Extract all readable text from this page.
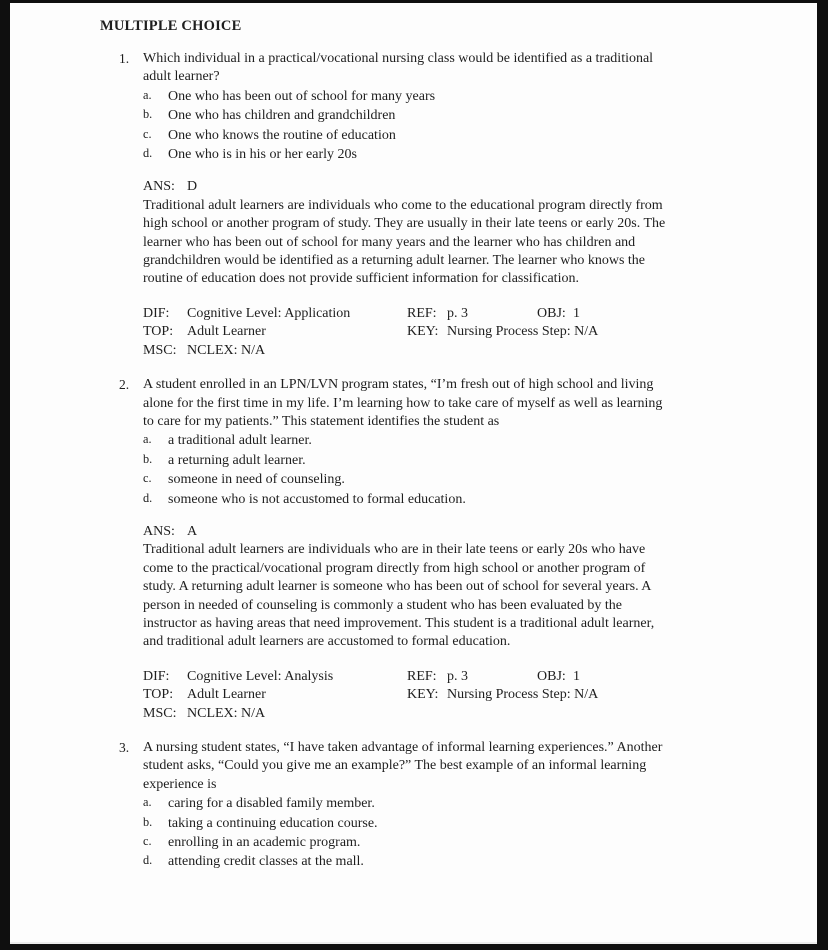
MULTIPLE CHOICE
1. Which individual in a practical/vocational nursing class would be identified as a traditional
adult learner?
a. One who has been out of school for many years
b. One who has children and grandchildren
c. One who knows the routine of education
d. One who is in his or her early 20s
ANS: D
Traditional adult learners are individuals who come to the educational program directly from
high school or another program of study. They are usually in their late teens or early 20s. The
learner who has been out of school for many years and the learner who has children and
grandchildren would be identified as a returning adult learner. The learner who knows the
routine of education does not provide sufficient information for classification.
DIF: Cognitive Level: Application	REF: p. 3	OBJ: 1
TOP: Adult Learner	KEY: Nursing Process Step: N/A
MSC: NCLEX: N/A
2. A student enrolled in an LPN/LVN program states, “I’m fresh out of high school and living
alone for the first time in my life. I’m learning how to take care of myself as well as learning
to care for my patients.” This statement identifies the student as
a. a traditional adult learner.
b. a returning adult learner.
c. someone in need of counseling.
d. someone who is not accustomed to formal education.
ANS: A
Traditional adult learners are individuals who are in their late teens or early 20s who have
come to the practical/vocational program directly from high school or another program of
study. A returning adult learner is someone who has been out of school for several years. A
person in needed of counseling is commonly a student who has been evaluated by the
instructor as having areas that need improvement. This student is a traditional adult learner,
and traditional adult learners are accustomed to formal education.
DIF: Cognitive Level: Analysis	REF: p. 3	OBJ: 1
TOP: Adult Learner	KEY: Nursing Process Step: N/A
MSC: NCLEX: N/A
3. A nursing student states, “I have taken advantage of informal learning experiences.” Another
student asks, “Could you give me an example?” The best example of an informal learning
experience is
a. caring for a disabled family member.
b. taking a continuing education course.
c. enrolling in an academic program.
d. attending credit classes at the mall.
